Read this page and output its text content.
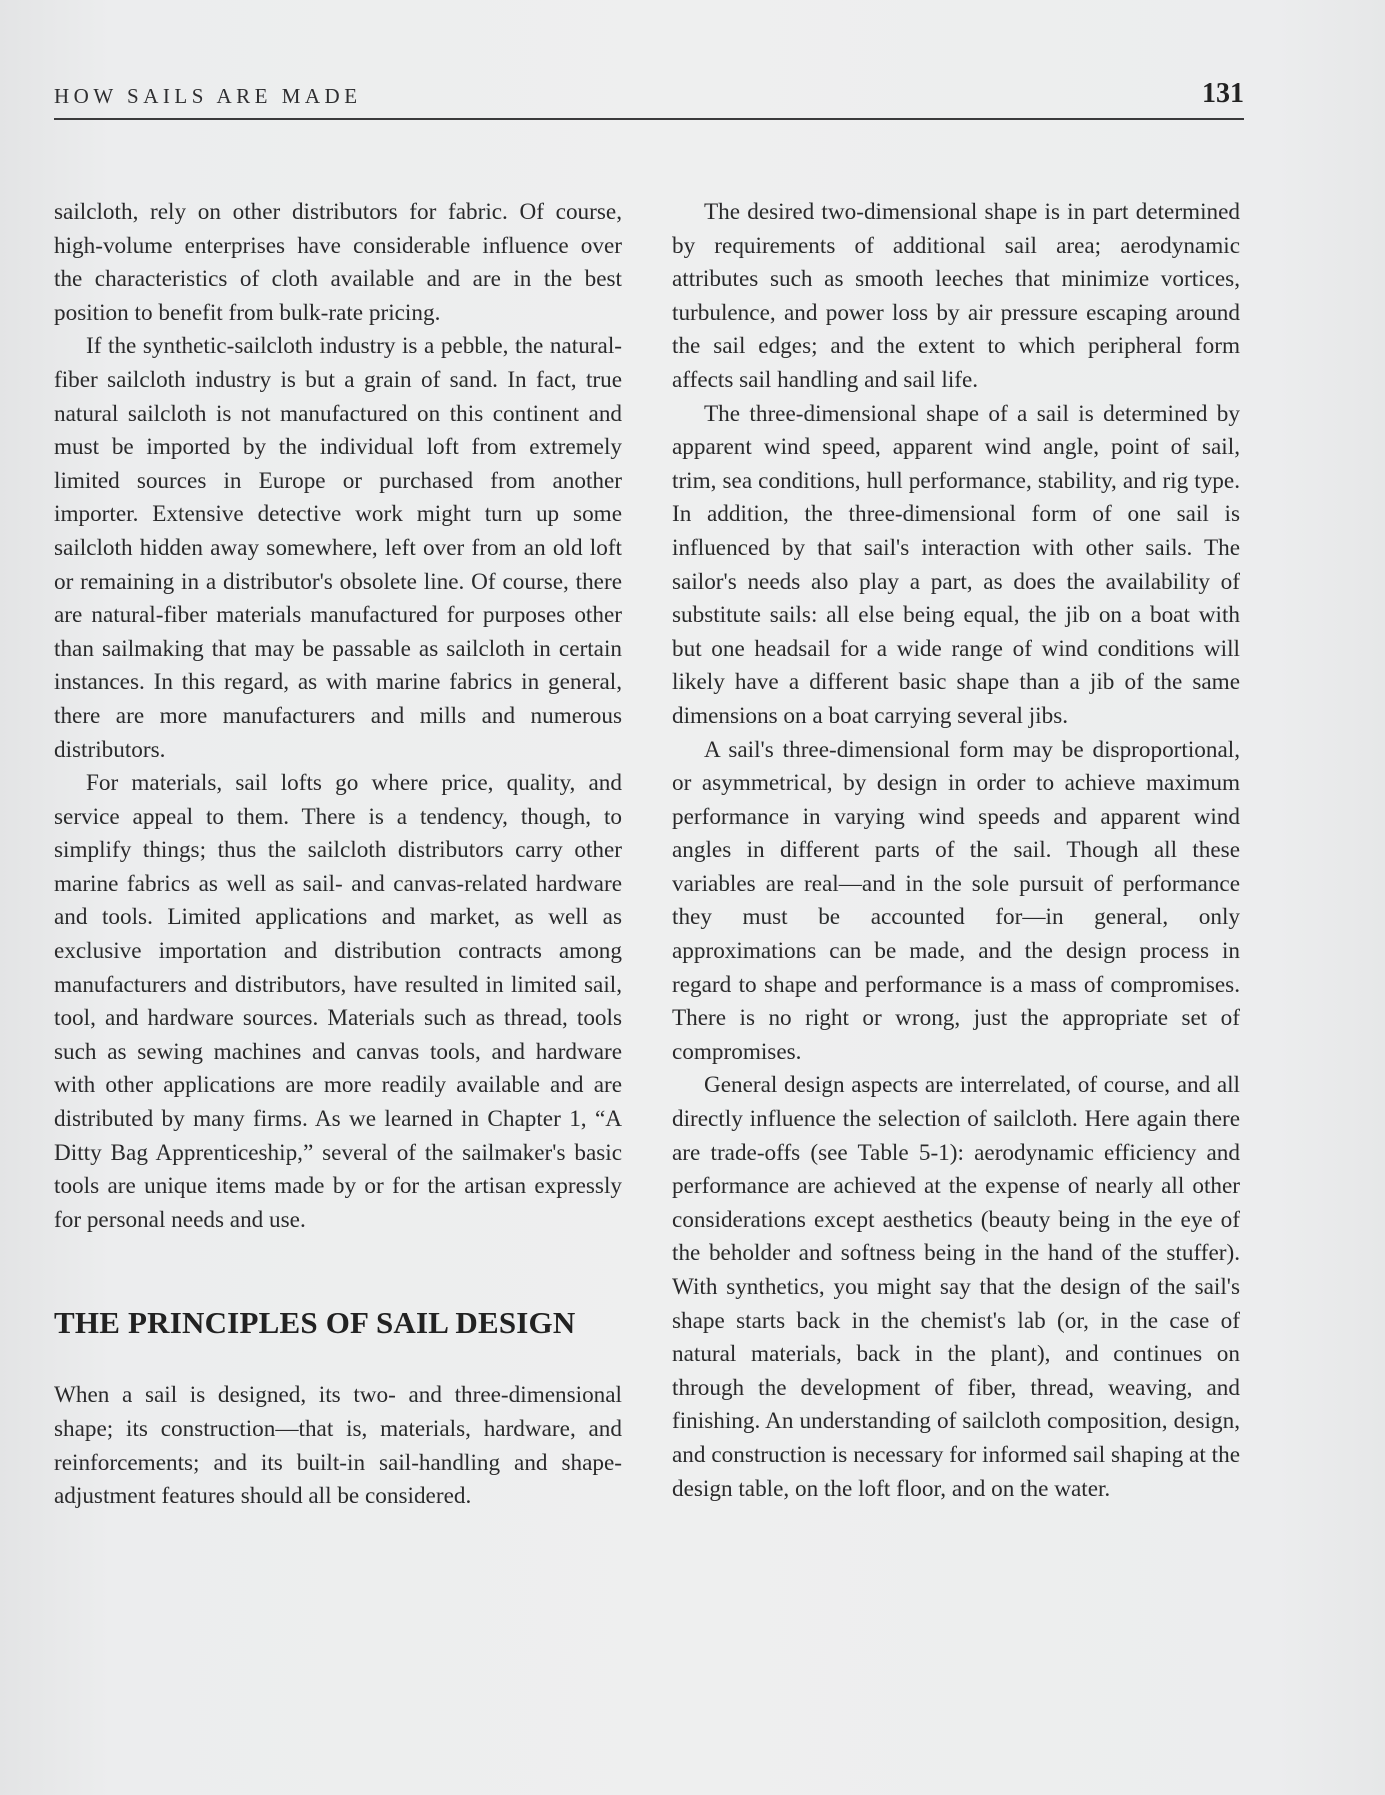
HOW SAILS ARE MADE	131

sailcloth, rely on other distributors for fabric. Of course, high-volume enterprises have considerable influence over the characteristics of cloth available and are in the best position to benefit from bulk-rate pricing.

If the synthetic-sailcloth industry is a pebble, the natural-fiber sailcloth industry is but a grain of sand. In fact, true natural sailcloth is not manufactured on this continent and must be imported by the individual loft from extremely limited sources in Europe or purchased from another importer. Extensive detective work might turn up some sailcloth hidden away somewhere, left over from an old loft or remaining in a distributor's obsolete line. Of course, there are natural-fiber materials manufactured for purposes other than sailmaking that may be passable as sailcloth in certain instances. In this regard, as with marine fabrics in general, there are more manufacturers and mills and numerous distributors.

For materials, sail lofts go where price, quality, and service appeal to them. There is a tendency, though, to simplify things; thus the sailcloth distributors carry other marine fabrics as well as sail- and canvas-related hardware and tools. Limited applications and market, as well as exclusive importation and distribution contracts among manufacturers and distributors, have resulted in limited sail, tool, and hardware sources. Materials such as thread, tools such as sewing machines and canvas tools, and hardware with other applications are more readily available and are distributed by many firms. As we learned in Chapter 1, “A Ditty Bag Apprenticeship,” several of the sailmaker's basic tools are unique items made by or for the artisan expressly for personal needs and use.

THE PRINCIPLES OF SAIL DESIGN

When a sail is designed, its two- and three-dimensional shape; its construction—that is, materials, hardware, and reinforcements; and its built-in sail-handling and shape-adjustment features should all be considered.

The desired two-dimensional shape is in part determined by requirements of additional sail area; aerodynamic attributes such as smooth leeches that minimize vortices, turbulence, and power loss by air pressure escaping around the sail edges; and the extent to which peripheral form affects sail handling and sail life.

The three-dimensional shape of a sail is determined by apparent wind speed, apparent wind angle, point of sail, trim, sea conditions, hull performance, stability, and rig type. In addition, the three-dimensional form of one sail is influenced by that sail's interaction with other sails. The sailor's needs also play a part, as does the availability of substitute sails: all else being equal, the jib on a boat with but one headsail for a wide range of wind conditions will likely have a different basic shape than a jib of the same dimensions on a boat carrying several jibs.

A sail's three-dimensional form may be disproportional, or asymmetrical, by design in order to achieve maximum performance in varying wind speeds and apparent wind angles in different parts of the sail. Though all these variables are real—and in the sole pursuit of performance they must be accounted for—in general, only approximations can be made, and the design process in regard to shape and performance is a mass of compromises. There is no right or wrong, just the appropriate set of compromises.

General design aspects are interrelated, of course, and all directly influence the selection of sailcloth. Here again there are trade-offs (see Table 5-1): aerodynamic efficiency and performance are achieved at the expense of nearly all other considerations except aesthetics (beauty being in the eye of the beholder and softness being in the hand of the stuffer). With synthetics, you might say that the design of the sail's shape starts back in the chemist's lab (or, in the case of natural materials, back in the plant), and continues on through the development of fiber, thread, weaving, and finishing. An understanding of sailcloth composition, design, and construction is necessary for informed sail shaping at the design table, on the loft floor, and on the water.
